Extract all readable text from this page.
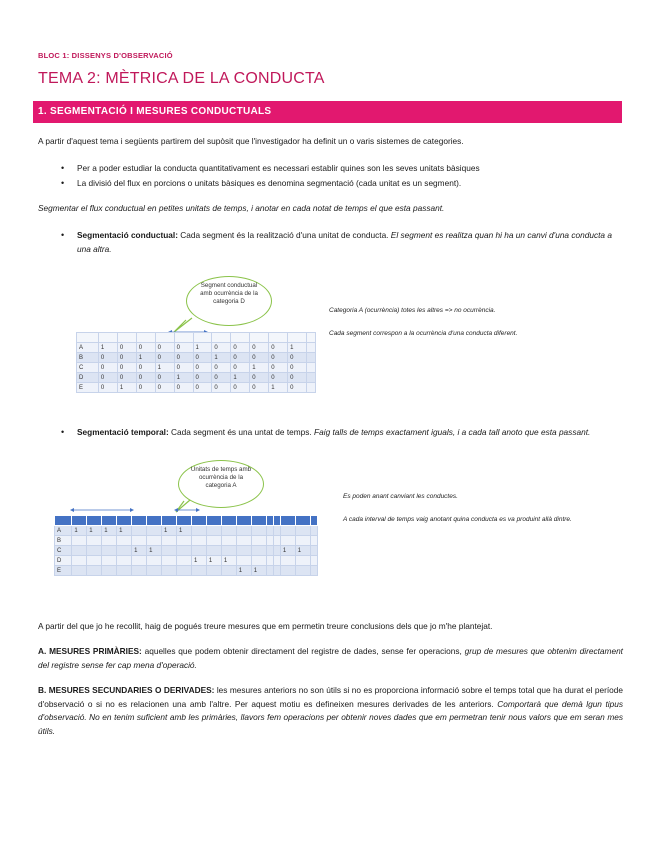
BLOC 1: DISSENYS D'OBSERVACIÓ
TEMA 2: MÈTRICA DE LA CONDUCTA
1. SEGMENTACIÓ I MESURES CONDUCTUALS
A partir d'aquest tema i següents partirem del supòsit que l'investigador ha definit un o varis sistemes de categories.
• Per a poder estudiar la conducta quantitativament es necessari establir quines son les seves unitats bàsiques
• La divisió del flux en porcions o unitats bàsiques es denomina segmentació (cada unitat es un segment).
Segmentar el flux conductual en petites unitats de temps, i anotar en cada notat de temps el que esta passant.
• Segmentació conductual: Cada segment és la realització d'una unitat de conducta. El segment es realitza quan hi ha un canvi d'una conducta a una altra.
Segment conductual amb ocurrència de la categoria D

A	1	0	0	0	0	1	0	0	0	0	1	
B	0	0	1	0	0	0	1	0	0	0	0	
C	0	0	0	1	0	0	0	0	1	0	0	
D	0	0	0	0	1	0	0	1	0	0	0	
E	0	1	0	0	0	0	0	0	0	1	0	
Categoria A (ocurrència) totes les altres => no ocurrència.
Cada segment correspon a la ocurrència d'una conducta diferent.
• Segmentació temporal: Cada segment és una untat de temps. Faig talls de temps exactament iguals, i a cada tall anoto que esta passant.
Unitats de temps amb ocurrència de la categoria A

A	1	1	1	1			1	1										
B																		
C					1	1										1	1	
D									1	1	1							
E												1	1					
Es poden anant canviant les conductes.
A cada interval de temps vaig anotant quina conducta es va produint allà dintre.
A partir del que jo he recollit, haig de pogués treure mesures que em permetin treure conclusions dels que jo m'he plantejat.
A. MESURES PRIMÀRIES: aquelles que podem obtenir directament del registre de dades, sense fer operacions, grup de mesures que obtenim directament del registre sense fer cap mena d'operació.
B. MESURES SECUNDARIES O DERIVADES: les mesures anteriors no son útils si no es proporciona informació sobre el temps total que ha durat el període d'observació o si no es relacionen una amb l'altre. Per aquest motiu es defineixen mesures derivades de les anteriors. Comportarà que demà lgun tipus d'observació. No en tenim suficient amb les primàries, llavors fem operacions per obtenir noves dades que em permetran tenir nous valors que em seran mes útils.
